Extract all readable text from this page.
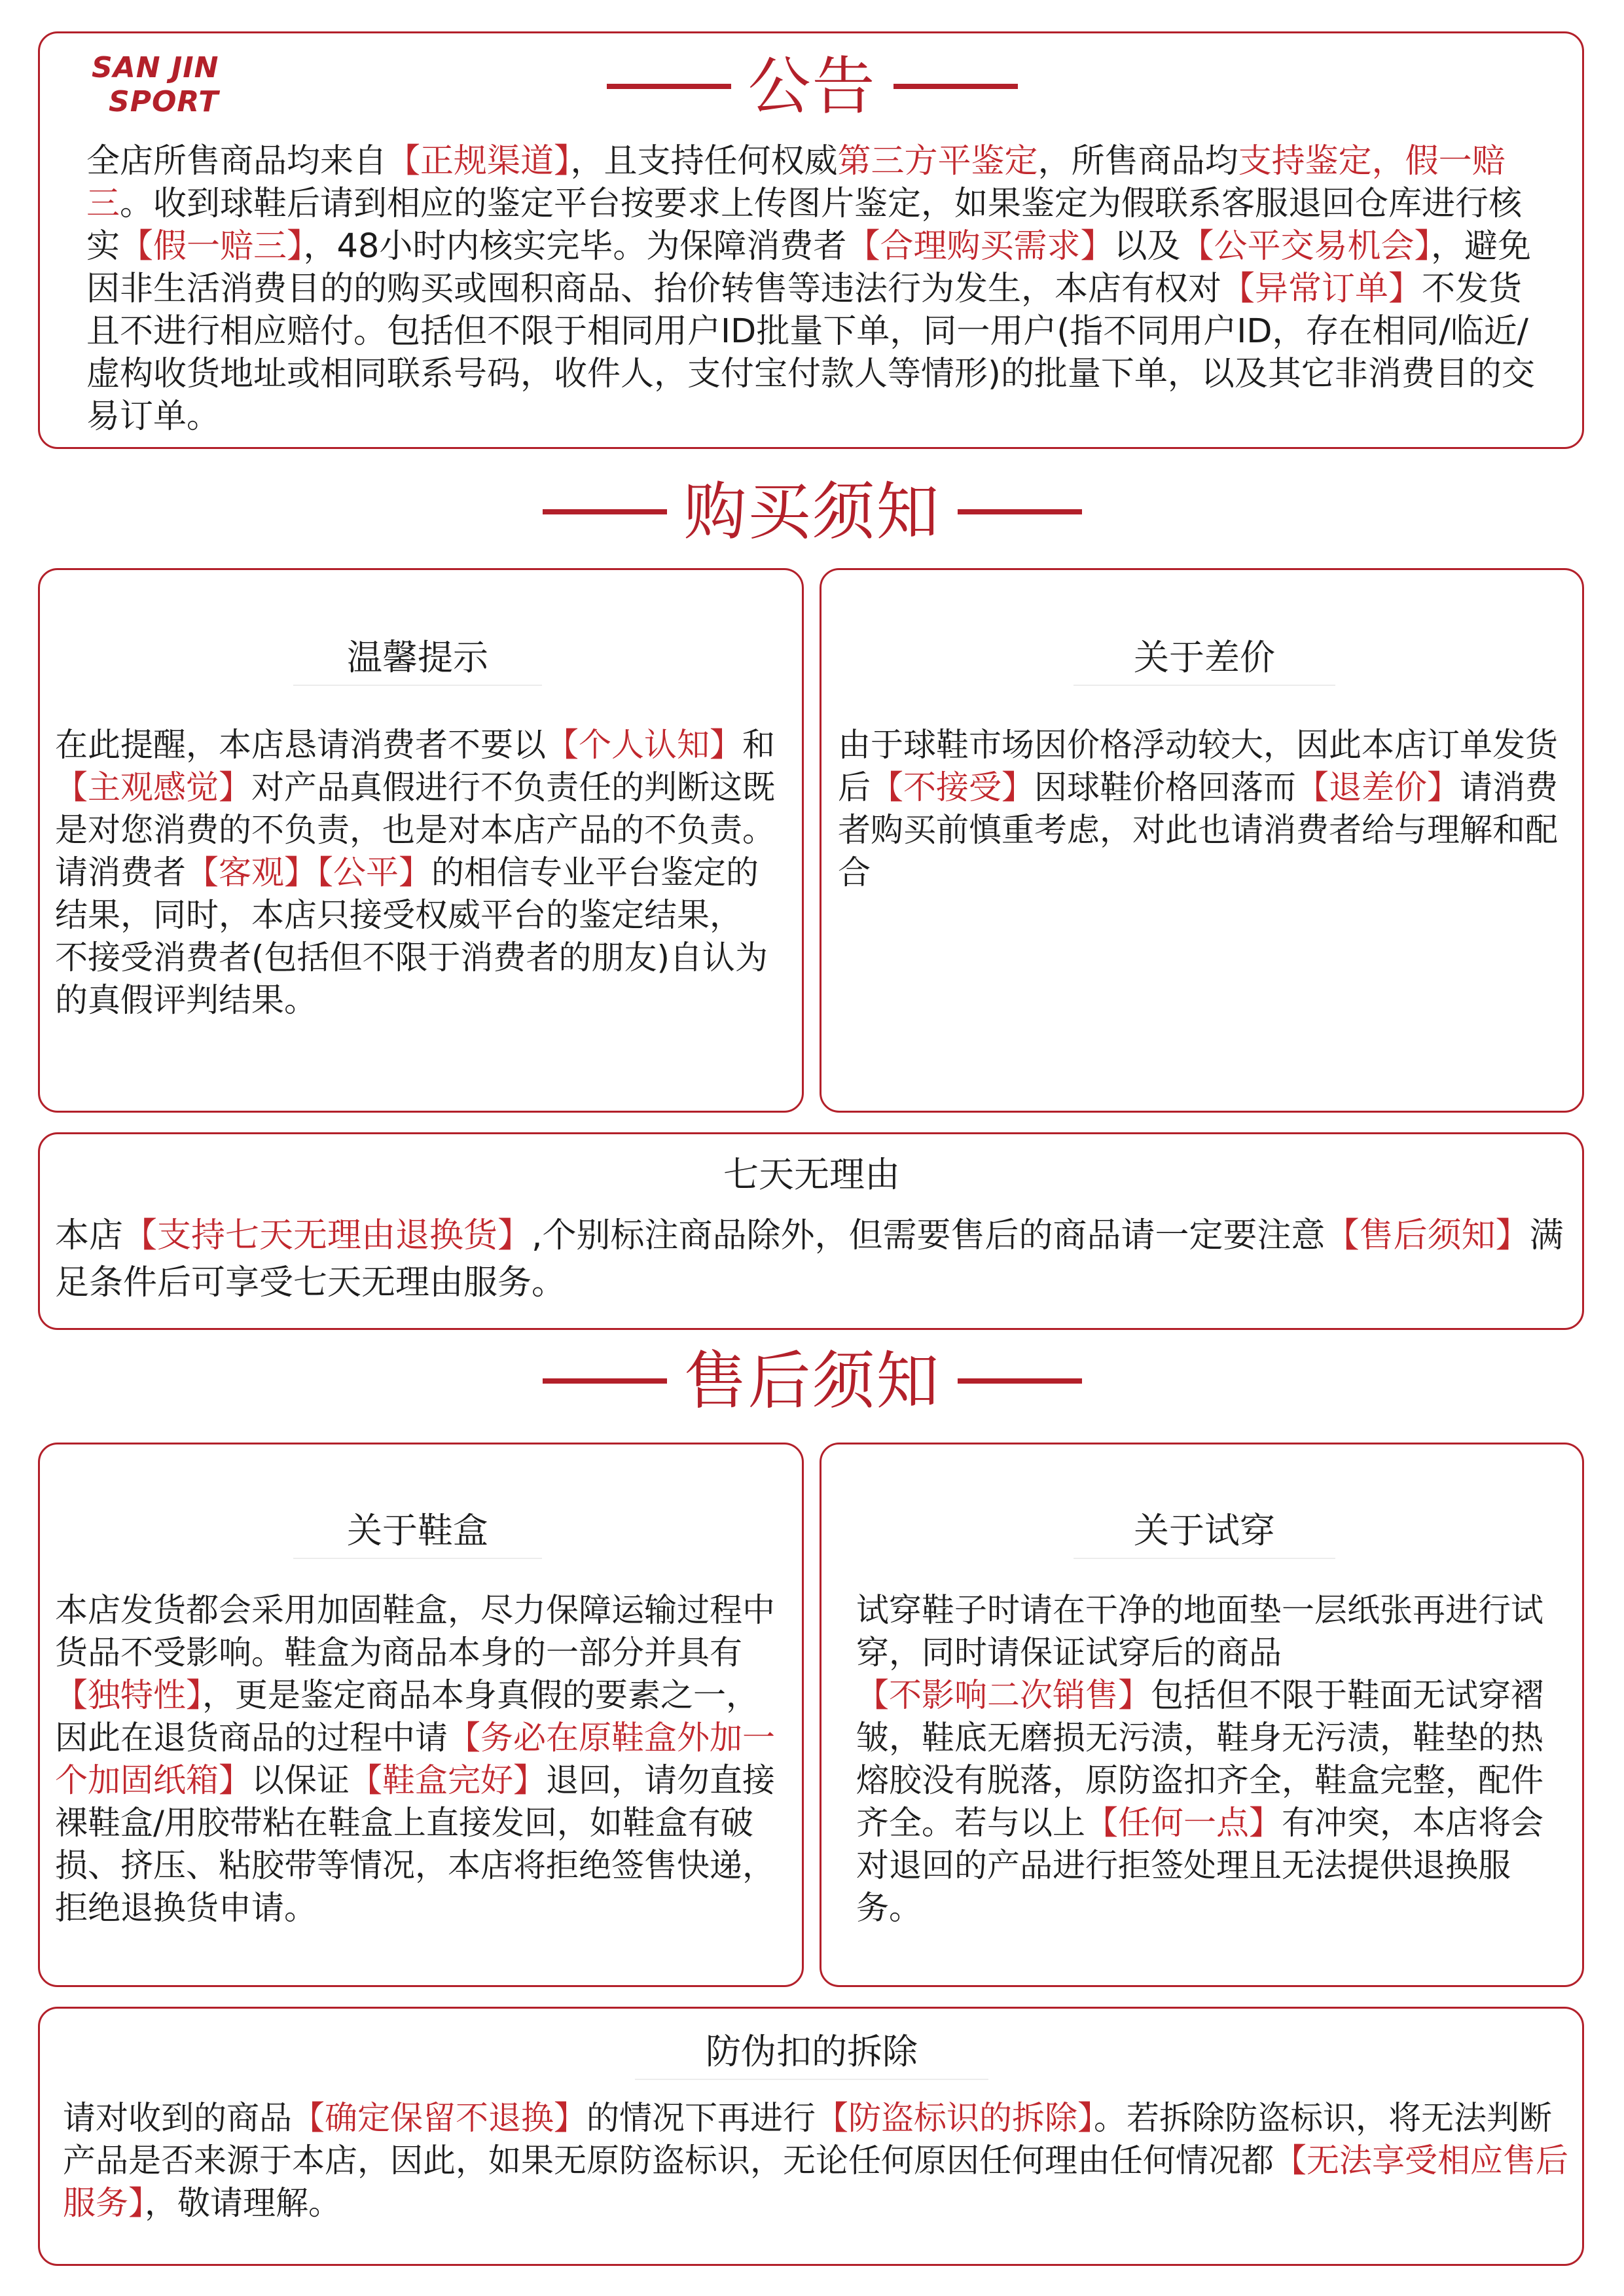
SAN JIN
SPORT	公告
全店所售商品均来自【正规渠道】，且支持任何权威第三方平鉴定，所售商品均支持鉴定，假一赔三。收到球鞋后请到相应的鉴定平台按要求上传图片鉴定，如果鉴定为假联系客服退回仓库进行核实【假一赔三】，48小时内核实完毕。为保障消费者【合理购买需求】以及【公平交易机会】，避免因非生活消费目的的购买或囤积商品、抬价转售等违法行为发生，本店有权对【异常订单】不发货且不进行相应赔付。包括但不限于相同用户ID批量下单，同一用户(指不同用户ID，存在相同/临近/虚构收货地址或相同联系号码，收件人，支付宝付款人等情形)的批量下单，以及其它非消费目的交易订单。
购买须知
温馨提示
在此提醒，本店恳请消费者不要以【个人认知】和【主观感觉】对产品真假进行不负责任的判断这既是对您消费的不负责，也是对本店产品的不负责。请消费者【客观】【公平】的相信专业平台鉴定的结果，同时，本店只接受权威平台的鉴定结果，  不接受消费者(包括但不限于消费者的朋友)自认为的真假评判结果。
关于差价
由于球鞋市场因价格浮动较大，因此本店订单发货后【不接受】因球鞋价格回落而【退差价】请消费者购买前慎重考虑，对此也请消费者给与理解和配合
七天无理由
本店【支持七天无理由退换货】,个别标注商品除外，但需要售后的商品请一定要注意【售后须知】满足条件后可享受七天无理由服务。
售后须知
关于鞋盒
本店发货都会采用加固鞋盒，尽力保障运输过程中货品不受影响。鞋盒为商品本身的一部分并具有【独特性】，更是鉴定商品本身真假的要素之一，因此在退货商品的过程中请【务必在原鞋盒外加一个加固纸箱】以保证【鞋盒完好】退回，请勿直接裸鞋盒/用胶带粘在鞋盒上直接发回，如鞋盒有破损、挤压、粘胶带等情况，本店将拒绝签售快递，拒绝退换货申请。
关于试穿
试穿鞋子时请在干净的地面垫一层纸张再进行试穿，同时请保证试穿后的商品【不影响二次销售】包括但不限于鞋面无试穿褶皱，鞋底无磨损无污渍，鞋身无污渍，鞋垫的热熔胶没有脱落，原防盗扣齐全，鞋盒完整，配件齐全。若与以上【任何一点】有冲突，本店将会对退回的产品进行拒签处理且无法提供退换服务。
防伪扣的拆除
请对收到的商品【确定保留不退换】的情况下再进行【防盗标识的拆除】。若拆除防盗标识，将无法判断产品是否来源于本店，因此，如果无原防盗标识，无论任何原因任何理由任何情况都【无法享受相应售后服务】，敬请理解。
